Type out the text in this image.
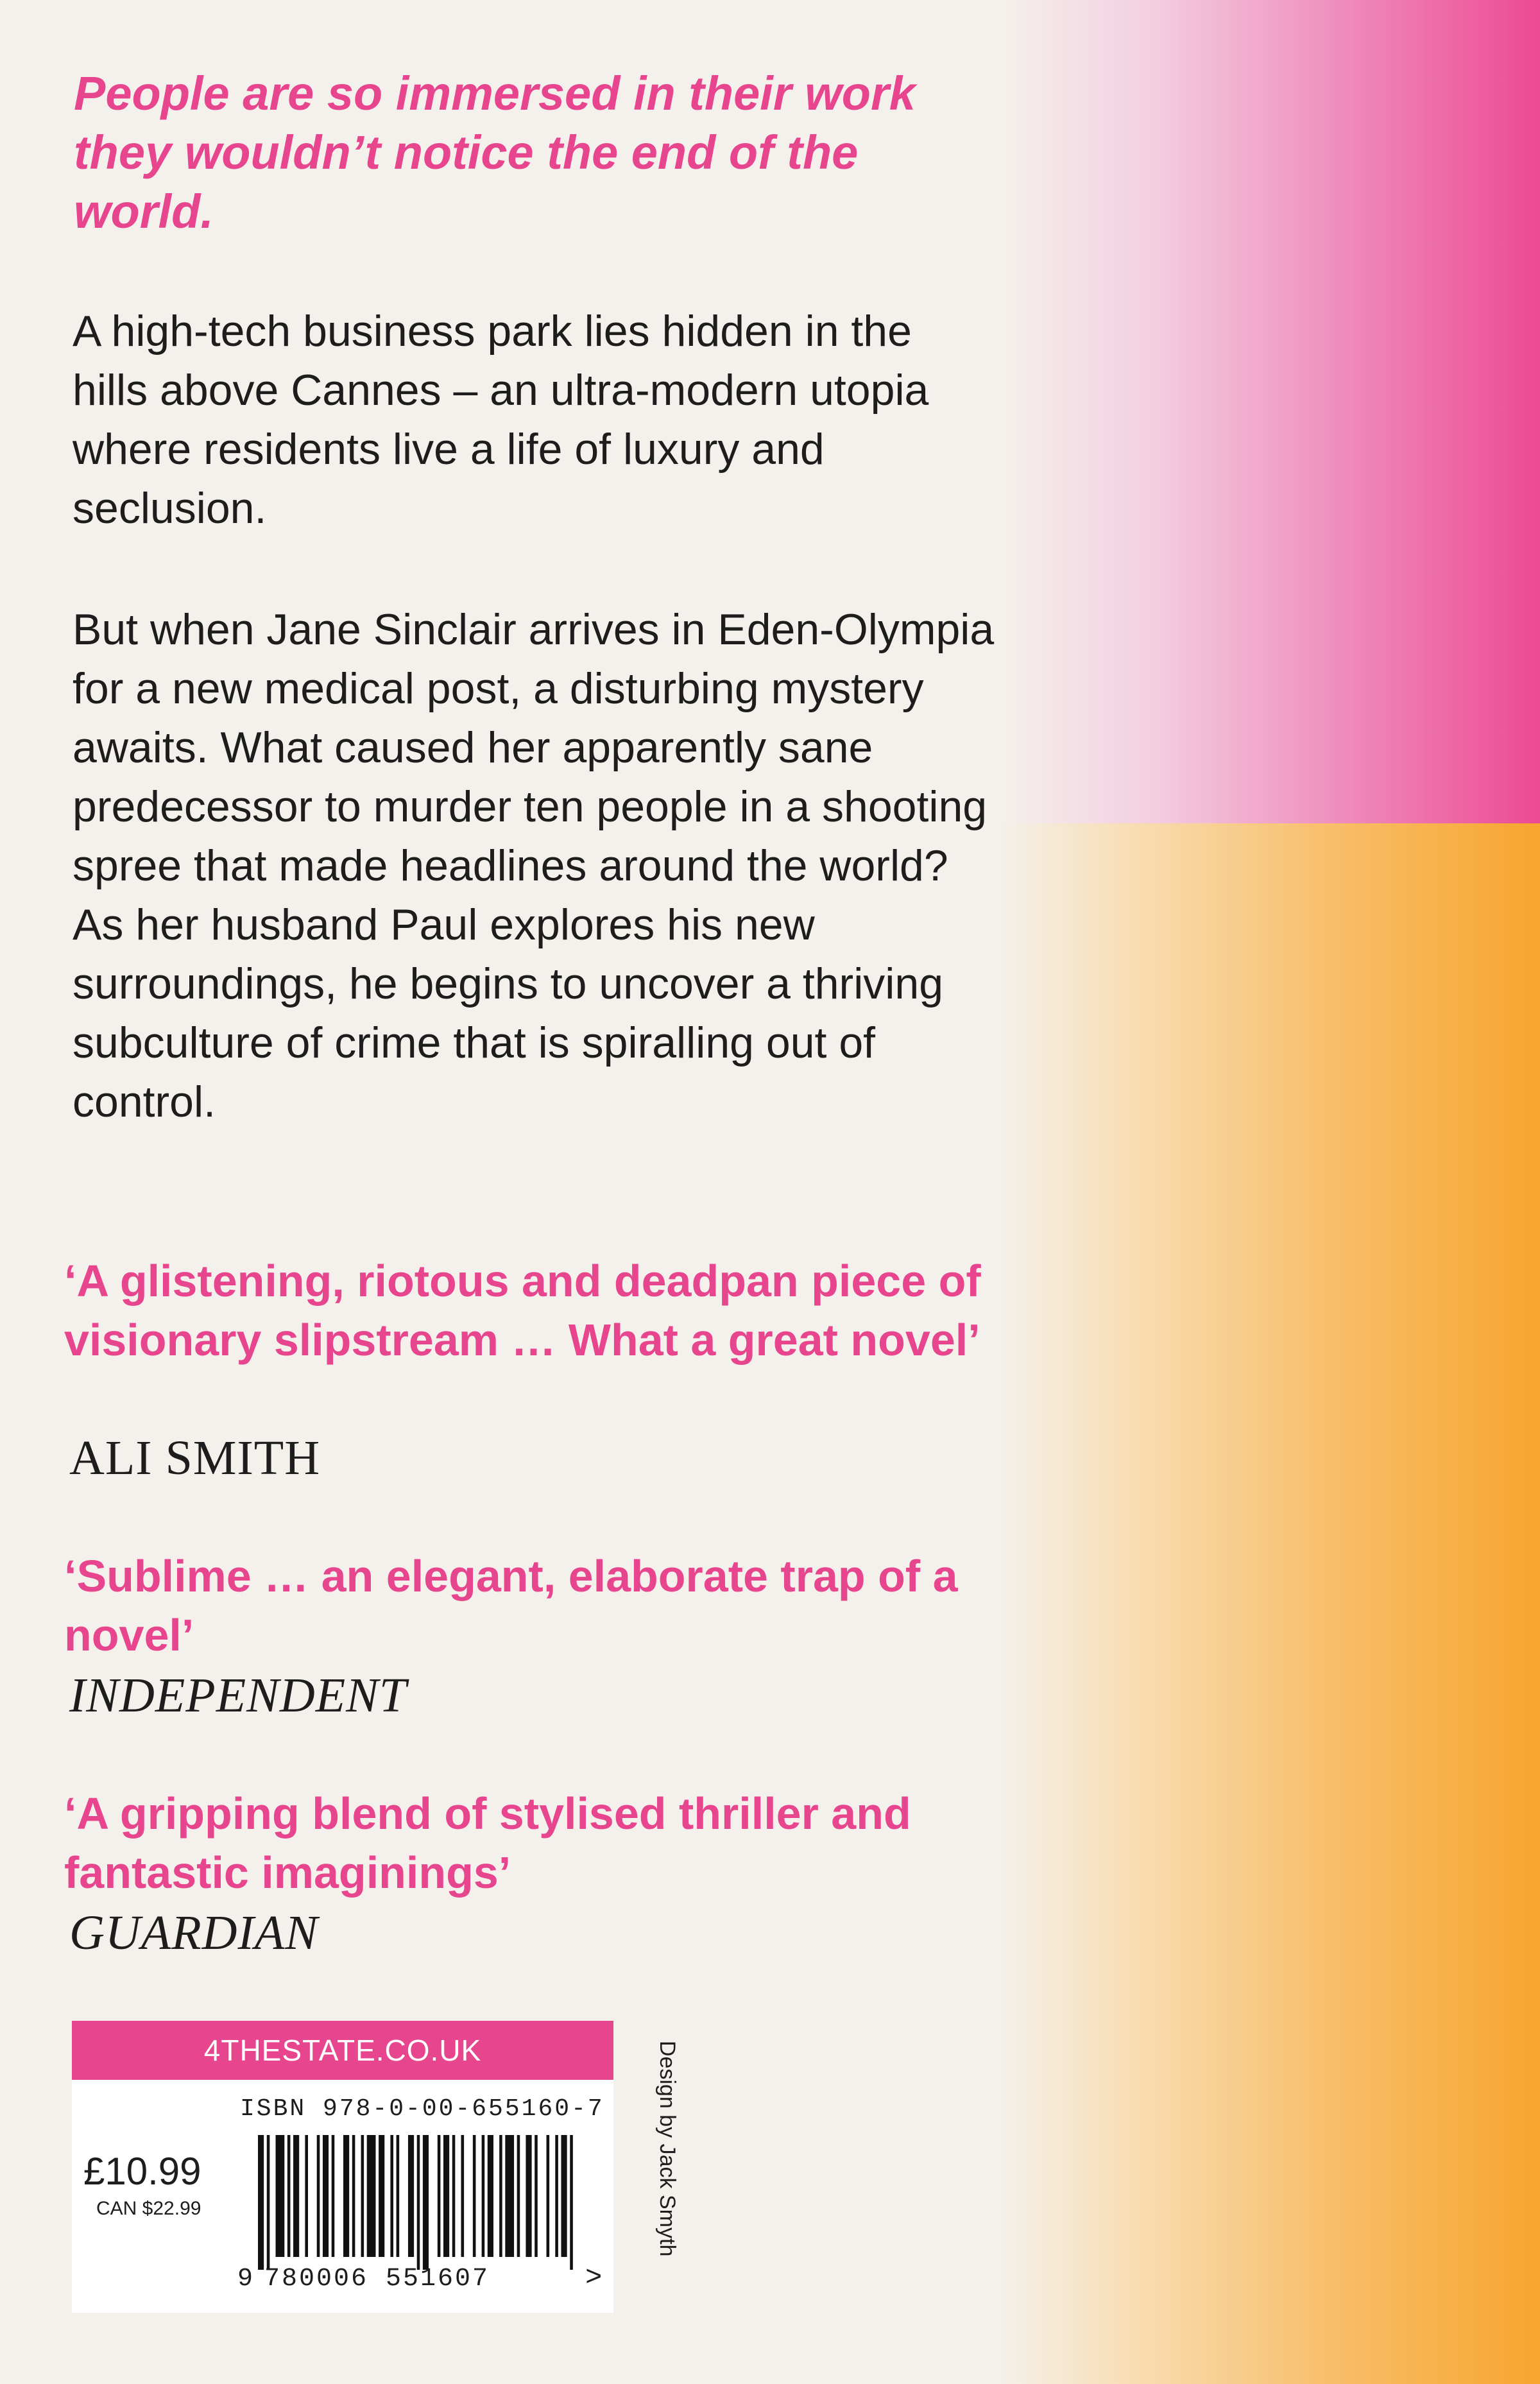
People are so immersed in their work they wouldn’t notice the end of the world.

A high-tech business park lies hidden in the hills above Cannes – an ultra-modern utopia where residents live a life of luxury and seclusion.

But when Jane Sinclair arrives in Eden-Olympia for a new medical post, a disturbing mystery awaits. What caused her apparently sane predecessor to murder ten people in a shooting spree that made headlines around the world? As her husband Paul explores his new surroundings, he begins to uncover a thriving subculture of crime that is spiralling out of control.

‘A glistening, riotous and deadpan piece of visionary slipstream … What a great novel’

ALI SMITH

‘Sublime … an elegant, elaborate trap of a novel’

INDEPENDENT

‘A gripping blend of stylised thriller and fantastic imaginings’

GUARDIAN
4THESTATE.CO.UK
ISBN 978-0-00-655160-7
£10.99
CAN $22.99
9 780006 551607	>
Design by Jack Smyth
